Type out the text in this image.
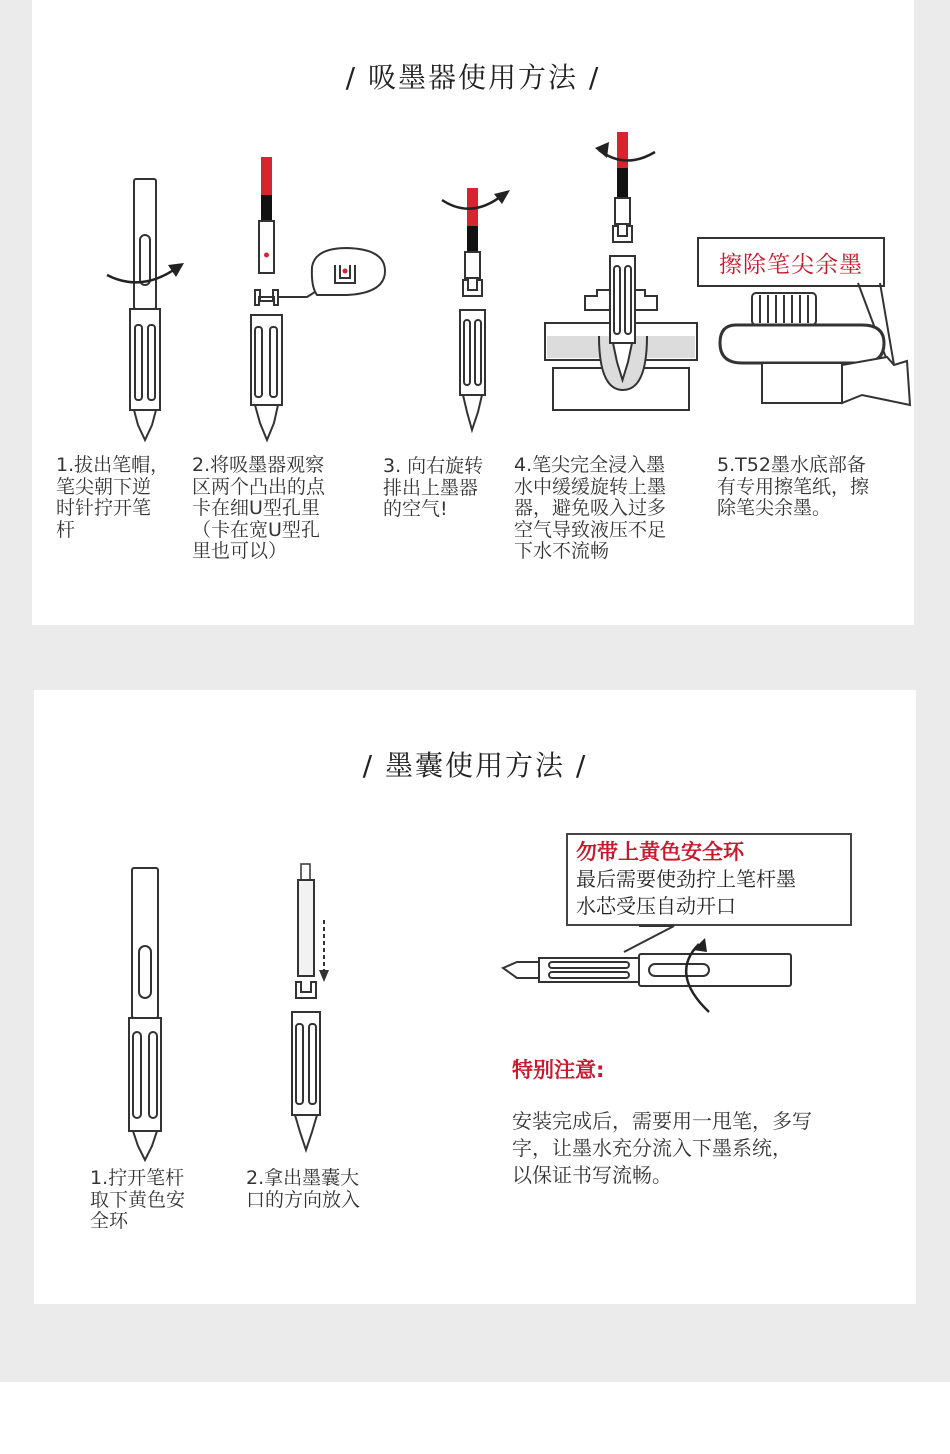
/ 吸墨器使用方法 /
擦除笔尖余墨
1.拔出笔帽，
笔尖朝下逆
时针拧开笔
杆
2.将吸墨器观察
区两个凸出的点
卡在细U型孔里
（卡在宽U型孔
里也可以）
3. 向右旋转
排出上墨器
的空气!
4.笔尖完全浸入墨
水中缓缓旋转上墨
器，避免吸入过多
空气导致液压不足
下水不流畅
5.T52墨水底部备
有专用擦笔纸，擦
除笔尖余墨。
/ 墨囊使用方法 /
1.拧开笔杆
取下黄色安
全环
2.拿出墨囊大
口的方向放入
勿带上黄色安全环
最后需要使劲拧上笔杆墨
水芯受压自动开口
特别注意:
安装完成后，需要用一甩笔，多写
字，让墨水充分流入下墨系统，
以保证书写流畅。
